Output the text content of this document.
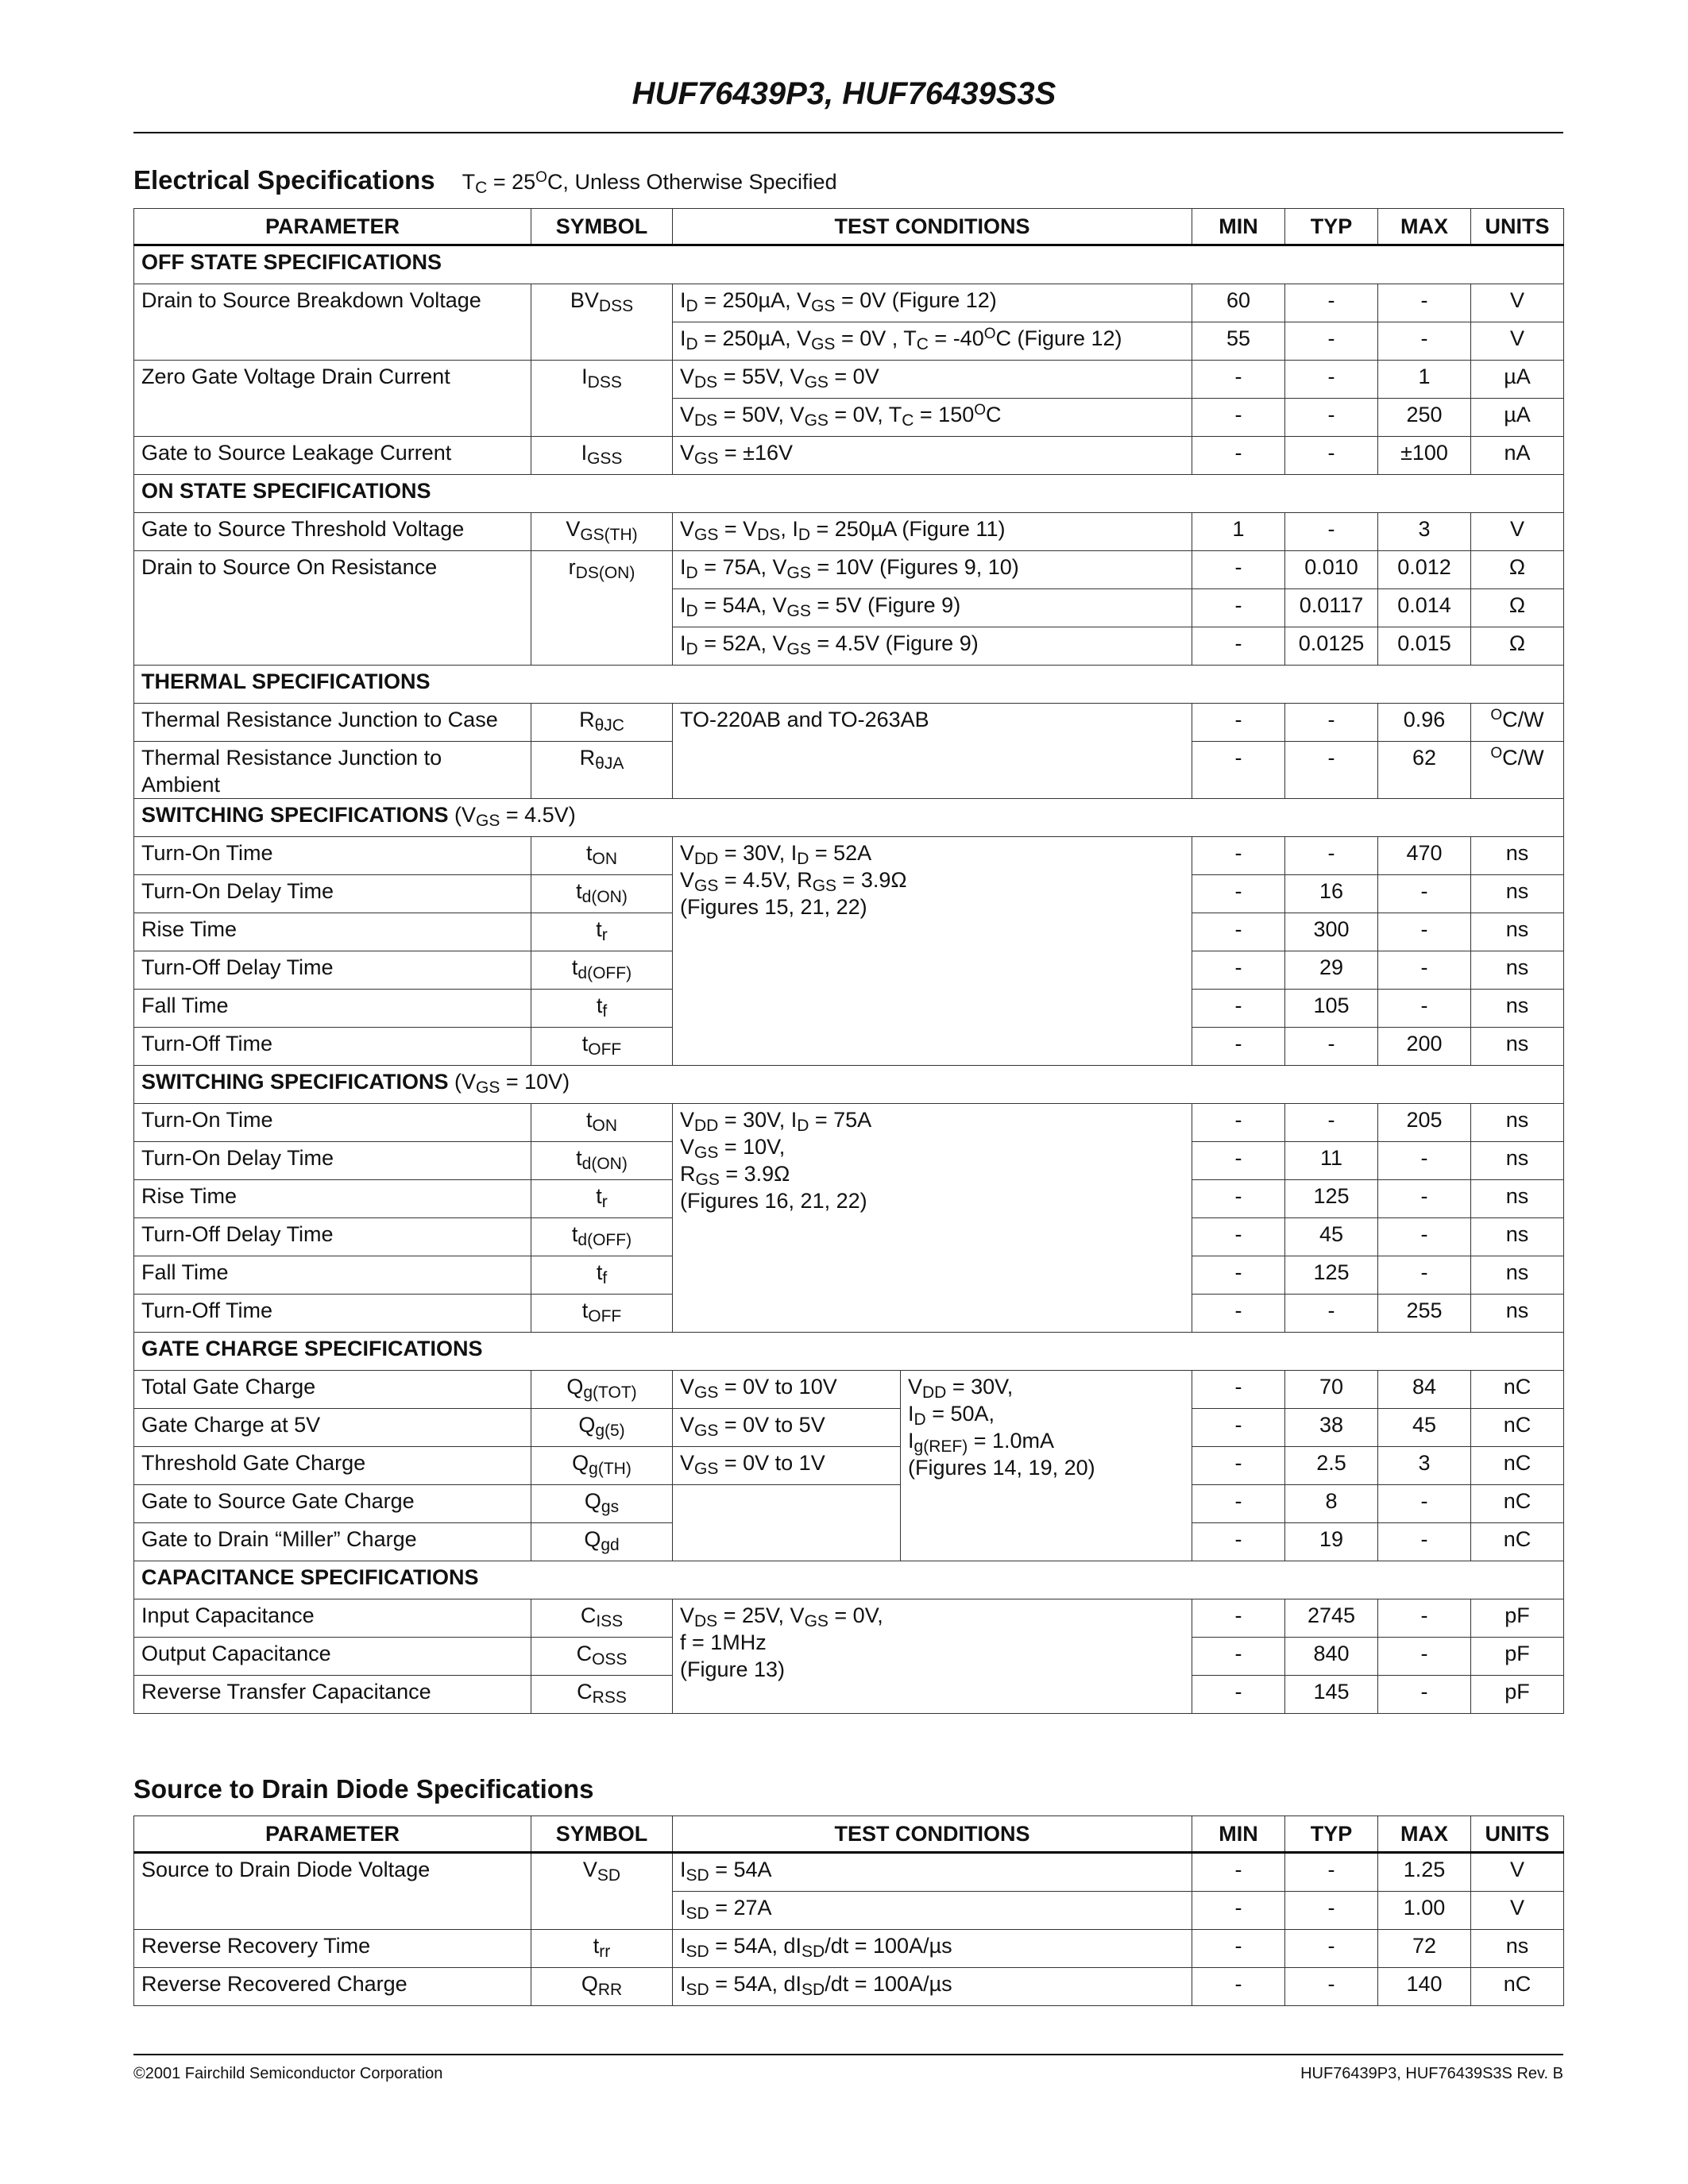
HUF76439P3, HUF76439S3S
Electrical Specifications $T_C = 25^OC$, Unless Otherwise Specified
PARAMETER	SYMBOL	TEST CONDITIONS		MIN	TYP	MAX	UNITS
OFF STATE SPECIFICATIONS							
Drain to Source Breakdown Voltage	$BV_{DSS}$	$I_D = 250\mu A$, $V_{GS} = 0V$ (Figure 12)		60	-	-	V
		$I_D = 250\mu A$, $V_{GS} = 0V$ , $T_C = -40^OC$ (Figure 12)		55	-	-	V
Zero Gate Voltage Drain Current	$I_{DSS}$	$V_{DS} = 55V$, $V_{GS} = 0V$		-	-	1	µA
		$V_{DS} = 50V$, $V_{GS} = 0V$, $T_C = 150^OC$		-	-	250	µA
Gate to Source Leakage Current	$I_{GSS}$	$V_{GS} = \pm 16V$		-	-	±100	nA
ON STATE SPECIFICATIONS							
Gate to Source Threshold Voltage	$V_{GS(TH)}$	$V_{GS} = V_{DS}$, $I_D = 250\mu A$ (Figure 11)		1	-	3	V
Drain to Source On Resistance	$r_{DS(ON)}$	$I_D = 75A$, $V_{GS} = 10V$ (Figures 9, 10)		-	0.010	0.012	Ω
		$I_D = 54A$, $V_{GS} = 5V$ (Figure 9)		-	0.0117	0.014	Ω
		$I_D = 52A$, $V_{GS} = 4.5V$ (Figure 9)		-	0.0125	0.015	Ω
THERMAL SPECIFICATIONS							
Thermal Resistance Junction to Case	$R_{\theta JC}$	TO-220AB and TO-263AB		-	-	0.96	$^O$C/W
Thermal Resistance Junction to Ambient	$R_{\theta JA}$			-	-	62	$^O$C/W
SWITCHING SPECIFICATIONS $(V_{GS} = 4.5V)$							
Turn-On Time	$t_{ON}$	$V_{DD} = 30V$, $I_D = 52A$
$V_{GS} = 4.5V$, $R_{GS} = 3.9\Omega$
(Figures 15, 21, 22)		-	-	470	ns
Turn-On Delay Time	$t_{d(ON)}$			-	16	-	ns
Rise Time	$t_r$			-	300	-	ns
Turn-Off Delay Time	$t_{d(OFF)}$			-	29	-	ns
Fall Time	$t_f$			-	105	-	ns
Turn-Off Time	$t_{OFF}$			-	-	200	ns
SWITCHING SPECIFICATIONS $(V_{GS} = 10V)$							
Turn-On Time	$t_{ON}$	$V_{DD} = 30V$, $I_D = 75A$
$V_{GS} = 10V$,
$R_{GS} = 3.9\Omega$
(Figures 16, 21, 22)		-	-	205	ns
Turn-On Delay Time	$t_{d(ON)}$			-	11	-	ns
Rise Time	$t_r$			-	125	-	ns
Turn-Off Delay Time	$t_{d(OFF)}$			-	45	-	ns
Fall Time	$t_f$			-	125	-	ns
Turn-Off Time	$t_{OFF}$			-	-	255	ns
GATE CHARGE SPECIFICATIONS							
Total Gate Charge	$Q_{g(TOT)}$	$V_{GS} = 0V$ to 10V	$V_{DD} = 30V$,
$I_D = 50A$,
$I_{g(REF)} = 1.0mA$
(Figures 14, 19, 20)	-	70	84	nC
Gate Charge at 5V	$Q_{g(5)}$	$V_{GS} = 0V$ to 5V		-	38	45	nC
Threshold Gate Charge	$Q_{g(TH)}$	$V_{GS} = 0V$ to 1V		-	2.5	3	nC
Gate to Source Gate Charge	$Q_{gs}$			-	8	-	nC
Gate to Drain “Miller” Charge	$Q_{gd}$			-	19	-	nC
CAPACITANCE SPECIFICATIONS							
Input Capacitance	$C_{ISS}$	$V_{DS} = 25V$, $V_{GS} = 0V$,
f = 1MHz
(Figure 13)		-	2745	-	pF
Output Capacitance	$C_{OSS}$			-	840	-	pF
Reverse Transfer Capacitance	$C_{RSS}$			-	145	-	pF
Source to Drain Diode Specifications
PARAMETER	SYMBOL	TEST CONDITIONS	MIN	TYP	MAX	UNITS
Source to Drain Diode Voltage	$V_{SD}$	$I_{SD} = 54A$	-	-	1.25	V
		$I_{SD} = 27A$	-	-	1.00	V
Reverse Recovery Time	$t_{rr}$	$I_{SD} = 54A$, $dI_{SD}/dt = 100A/\mu s$	-	-	72	ns
Reverse Recovered Charge	$Q_{RR}$	$I_{SD} = 54A$, $dI_{SD}/dt = 100A/\mu s$	-	-	140	nC
©2001 Fairchild Semiconductor Corporation	HUF76439P3, HUF76439S3S Rev. B
